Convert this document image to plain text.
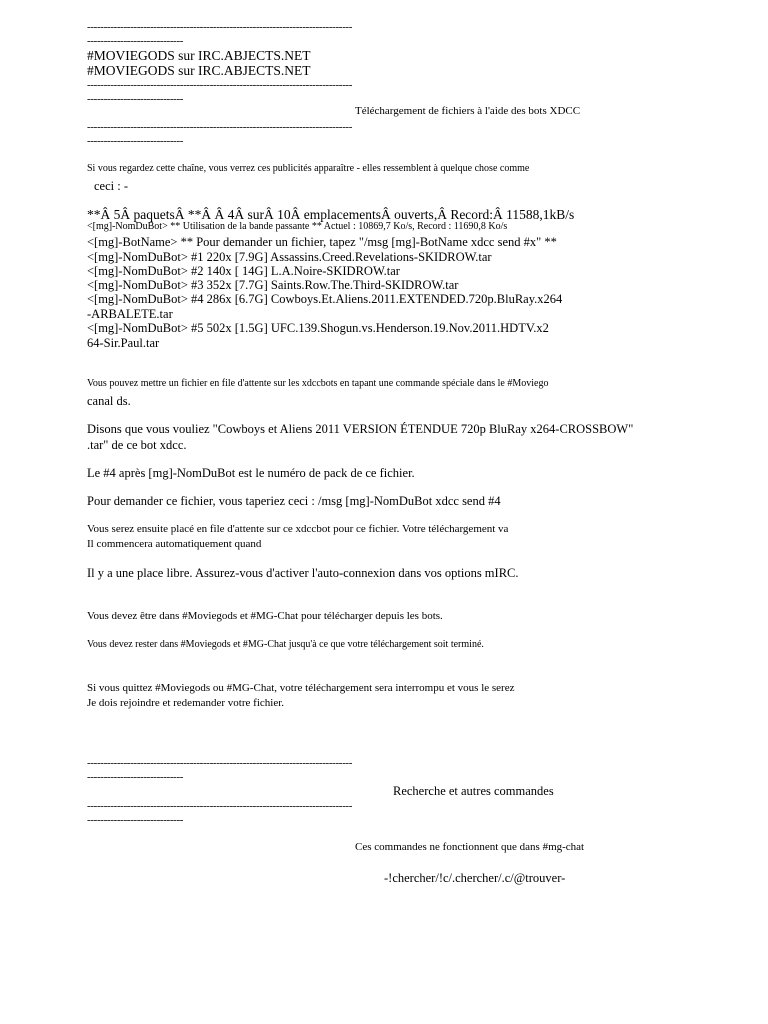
--------------------------------------------------------------------------------
-----------------------------
#MOVIEGODS sur IRC.ABJECTS.NET
#MOVIEGODS sur IRC.ABJECTS.NET
--------------------------------------------------------------------------------
-----------------------------
Téléchargement de fichiers à l'aide des bots XDCC
--------------------------------------------------------------------------------
-----------------------------
Si vous regardez cette chaîne, vous verrez ces publicités apparaître - elles ressemblent à quelque chose comme
ceci : -
**Â 5Â paquetsÂ **Â Â 4Â surÂ 10Â emplacementsÂ ouverts,Â Record:Â 11588,1kB/s
<[mg]-NomDuBot> ** Utilisation de la bande passante ** Actuel : 10869,7 Ko/s, Record : 11690,8 Ko/s
<[mg]-BotName> ** Pour demander un fichier, tapez "/msg [mg]-BotName xdcc send #x" **
<[mg]-NomDuBot> #1 220x [7.9G] Assassins.Creed.Revelations-SKIDROW.tar
<[mg]-NomDuBot> #2 140x [ 14G] L.A.Noire-SKIDROW.tar
<[mg]-NomDuBot> #3 352x [7.7G] Saints.Row.The.Third-SKIDROW.tar
<[mg]-NomDuBot> #4 286x [6.7G] Cowboys.Et.Aliens.2011.EXTENDED.720p.BluRay.x264
-ARBALETE.tar
<[mg]-NomDuBot> #5 502x [1.5G] UFC.139.Shogun.vs.Henderson.19.Nov.2011.HDTV.x2
64-Sir.Paul.tar
Vous pouvez mettre un fichier en file d'attente sur les xdccbots en tapant une commande spéciale dans le #Moviego
canal ds.
Disons que vous vouliez "Cowboys et Aliens 2011 VERSION ÉTENDUE 720p BluRay x264-CROSSBOW"
.tar" de ce bot xdcc.
Le #4 après [mg]-NomDuBot est le numéro de pack de ce fichier.
Pour demander ce fichier, vous taperiez ceci : /msg [mg]-NomDuBot xdcc send #4
Vous serez ensuite placé en file d'attente sur ce xdccbot pour ce fichier. Votre téléchargement va
Il commencera automatiquement quand
Il y a une place libre. Assurez-vous d'activer l'auto-connexion dans vos options mIRC.
Vous devez être dans #Moviegods et #MG-Chat pour télécharger depuis les bots.
Vous devez rester dans #Moviegods et #MG-Chat jusqu'à ce que votre téléchargement soit terminé.
Si vous quittez #Moviegods ou #MG-Chat, votre téléchargement sera interrompu et vous le serez
Je dois rejoindre et redemander votre fichier.
--------------------------------------------------------------------------------
-----------------------------
Recherche et autres commandes
--------------------------------------------------------------------------------
-----------------------------
Ces commandes ne fonctionnent que dans #mg-chat
-!chercher/!c/.chercher/.c/@trouver-
